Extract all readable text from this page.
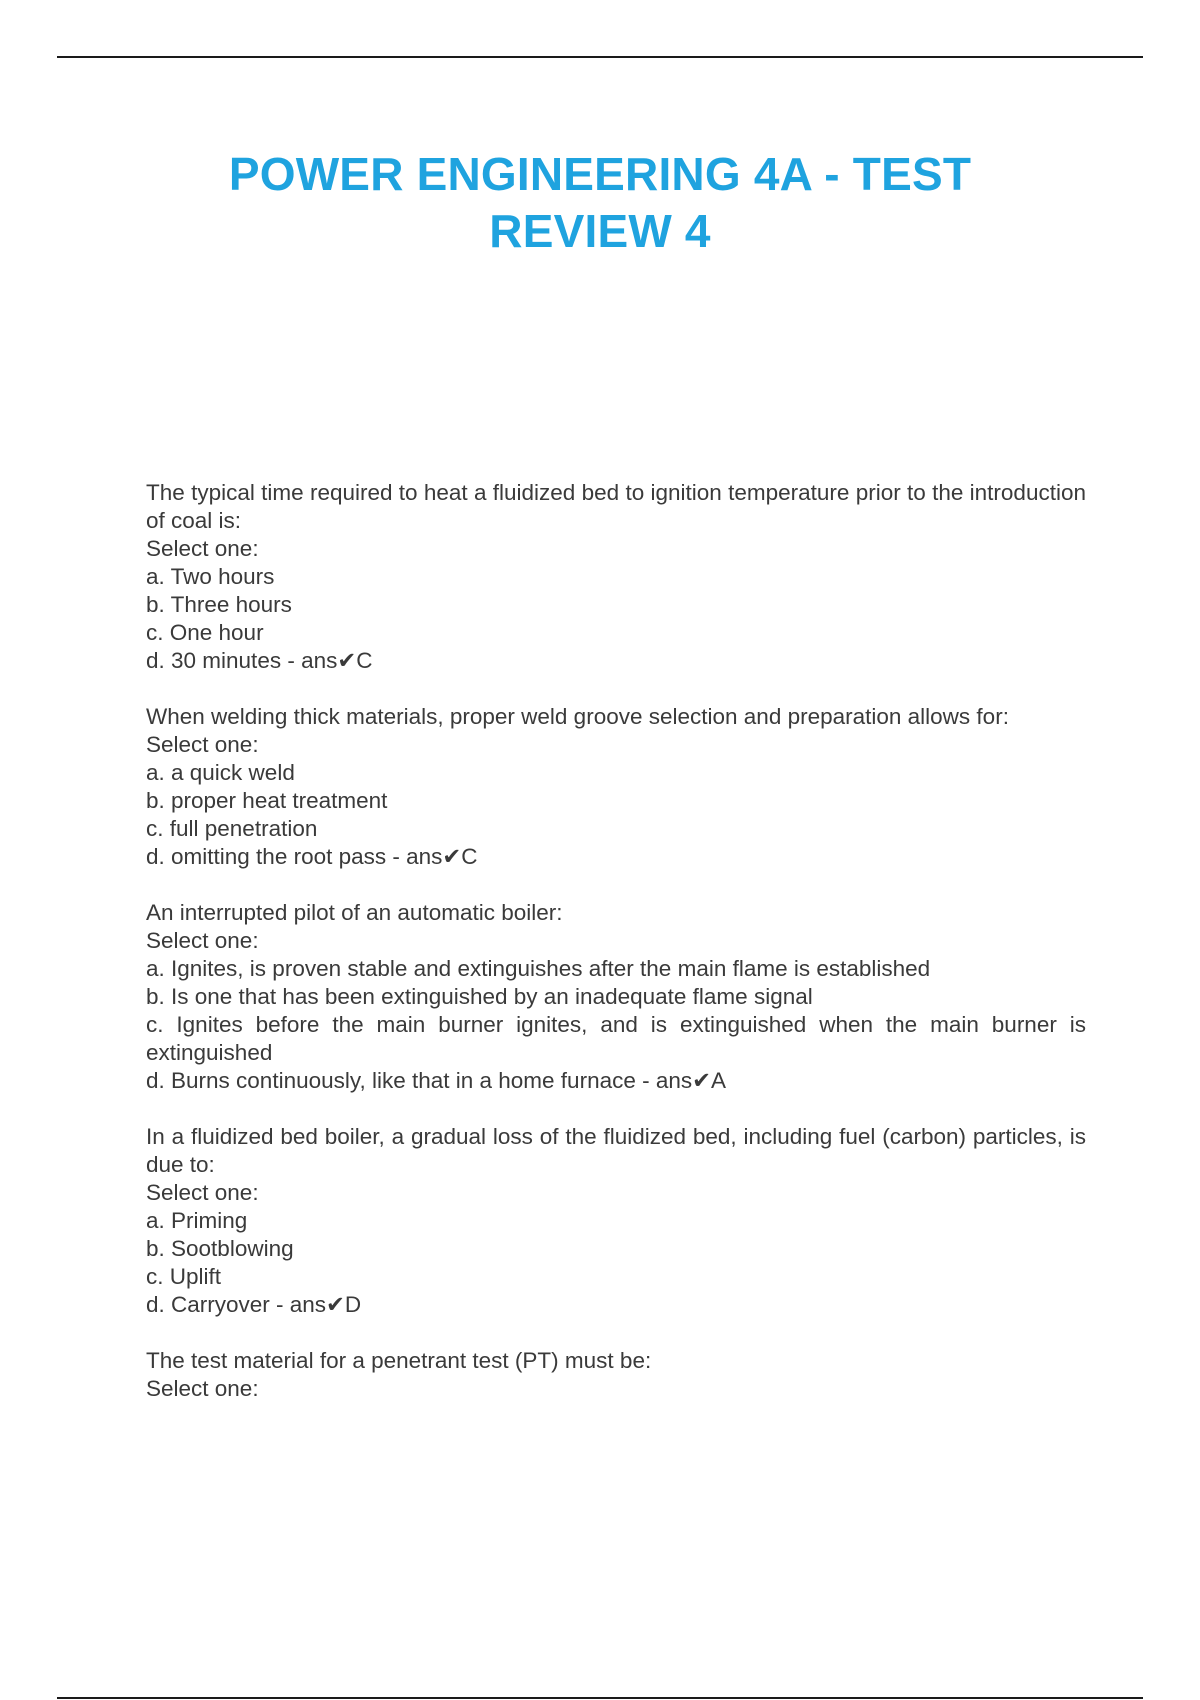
POWER ENGINEERING 4A - TEST
REVIEW 4
The typical time required to heat a fluidized bed to ignition temperature prior to the introduction of coal is:
Select one:
a. Two hours
b. Three hours
c. One hour
d. 30 minutes - ans✔C
When welding thick materials, proper weld groove selection and preparation allows for:
Select one:
a. a quick weld
b. proper heat treatment
c. full penetration
d. omitting the root pass - ans✔C
An interrupted pilot of an automatic boiler:
Select one:
a. Ignites, is proven stable and extinguishes after the main flame is established
b. Is one that has been extinguished by an inadequate flame signal
c. Ignites before the main burner ignites, and is extinguished when the main burner is extinguished
d. Burns continuously, like that in a home furnace - ans✔A
In a fluidized bed boiler, a gradual loss of the fluidized bed, including fuel (carbon) particles, is due to:
Select one:
a. Priming
b. Sootblowing
c. Uplift
d. Carryover - ans✔D
The test material for a penetrant test (PT) must be:
Select one:
